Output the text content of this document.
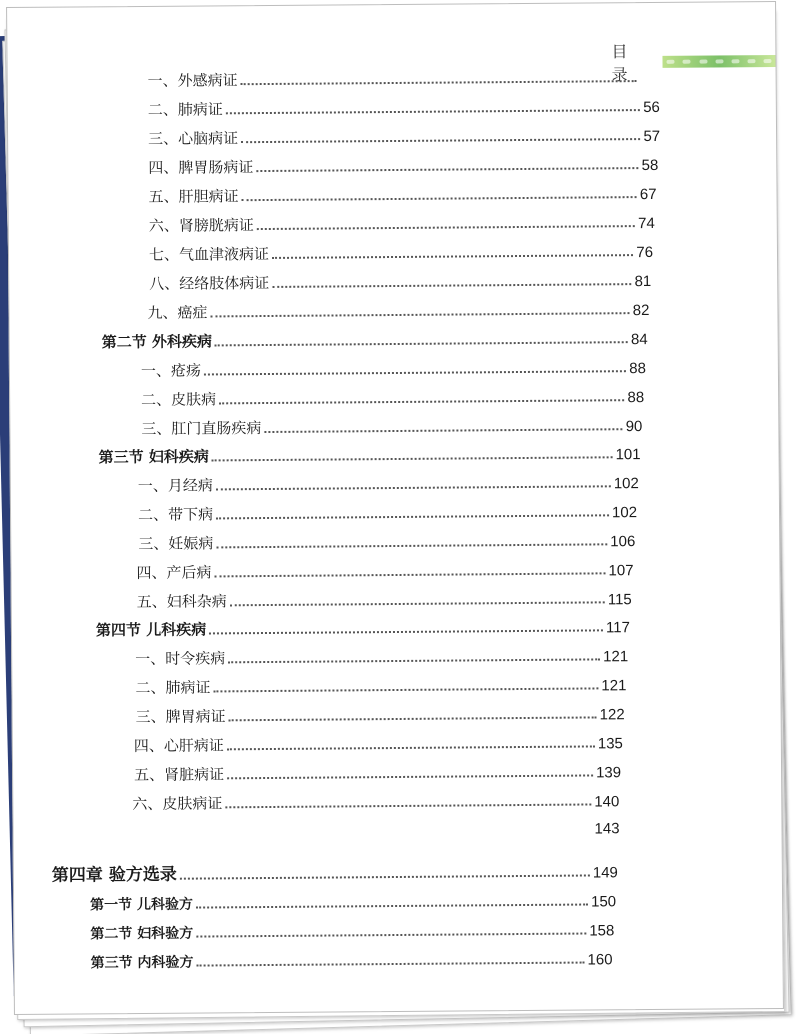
目 录
一、外感病证
二、肺病证	56
三、心脑病证	57
四、脾胃肠病证	58
五、肝胆病证	67
六、肾膀胱病证	74
七、气血津液病证	76
八、经络肢体病证	81
九、癌症	82
第二节 外科疾病	84
一、疮疡	88
二、皮肤病	88
三、肛门直肠疾病	90
第三节 妇科疾病	101
一、月经病	102
二、带下病	102
三、妊娠病	106
四、产后病	107
五、妇科杂病	115
第四节 儿科疾病	117
一、时令疾病	121
二、肺病证	121
三、脾胃病证	122
四、心肝病证	135
五、肾脏病证	139
六、皮肤病证	140
143
第四章 验方选录	149
第一节 儿科验方	150
第二节 妇科验方	158
第三节 内科验方	160
